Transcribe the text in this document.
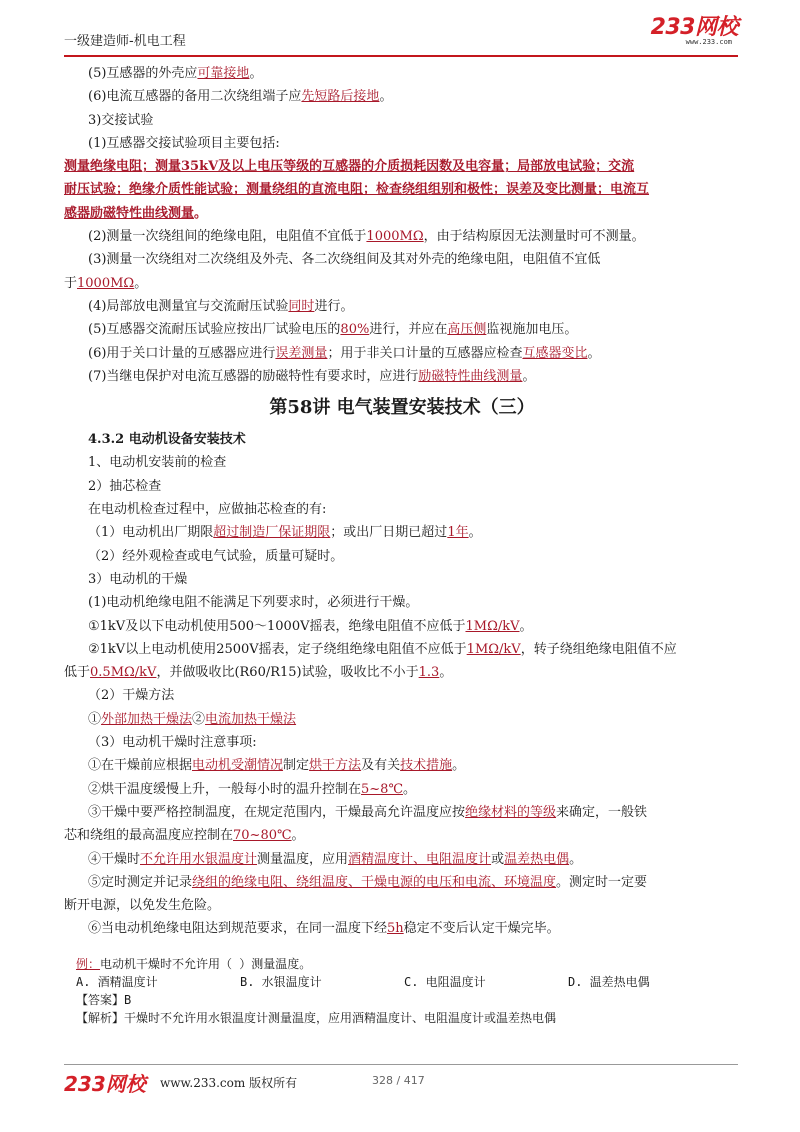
一级建造师-机电工程
233网校
www.233.com
(5)互感器的外壳应可靠接地。
(6)电流互感器的备用二次绕组端子应先短路后接地。
3)交接试验
(1)互感器交接试验项目主要包括:
测量绝缘电阻；测量35kV及以上电压等级的互感器的介质损耗因数及电容量；局部放电试验；交流
耐压试验；绝缘介质性能试验；测量绕组的直流电阻；检查绕组组别和极性；误差及变比测量；电流互
感器励磁特性曲线测量。
(2)测量一次绕组间的绝缘电阻，电阻值不宜低于1000MΩ，由于结构原因无法测量时可不测量。
(3)测量一次绕组对二次绕组及外壳、各二次绕组间及其对外壳的绝缘电阻，电阻值不宜低
于1000MΩ。
(4)局部放电测量宜与交流耐压试验同时进行。
(5)互感器交流耐压试验应按出厂试验电压的80%进行，并应在高压侧监视施加电压。
(6)用于关口计量的互感器应进行误差测量；用于非关口计量的互感器应检查互感器变比。
(7)当继电保护对电流互感器的励磁特性有要求时，应进行励磁特性曲线测量。
第58讲 电气装置安装技术（三）
4.3.2 电动机设备安装技术
1、电动机安装前的检查
2）抽芯检查
在电动机检查过程中，应做抽芯检查的有:
（1）电动机出厂期限超过制造厂保证期限；或出厂日期已超过1年。
（2）经外观检查或电气试验，质量可疑时。
3）电动机的干燥
(1)电动机绝缘电阻不能满足下列要求时，必须进行干燥。
①1kV及以下电动机使用500～1000V摇表，绝缘电阻值不应低于1MΩ/kV。
②1kV以上电动机使用2500V摇表，定子绕组绝缘电阻值不应低于1MΩ/kV，转子绕组绝缘电阻值不应
低于0.5MΩ/kV，并做吸收比(R60/R15)试验，吸收比不小于1.3。
（2）干燥方法
①外部加热干燥法②电流加热干燥法
（3）电动机干燥时注意事项:
①在干燥前应根据电动机受潮情况制定烘干方法及有关技术措施。
②烘干温度缓慢上升，一般每小时的温升控制在5~8℃。
③干燥中要严格控制温度，在规定范围内，干燥最高允许温度应按绝缘材料的等级来确定，一般铁
芯和绕组的最高温度应控制在70~80℃。
④干燥时不允许用水银温度计测量温度，应用酒精温度计、电阻温度计或温差热电偶。
⑤定时测定并记录绕组的绝缘电阻、绕组温度、干燥电源的电压和电流、环境温度。测定时一定要
断开电源，以免发生危险。
⑥当电动机绝缘电阻达到规范要求，在同一温度下经5h稳定不变后认定干燥完毕。
例：电动机干燥时不允许用（ ）测量温度。
A. 酒精温度计	B. 水银温度计	C. 电阻温度计	D. 温差热电偶
【答案】B
【解析】干燥时不允许用水银温度计测量温度，应用酒精温度计、电阻温度计或温差热电偶
233网校 www.233.com 版权所有	328 / 417
